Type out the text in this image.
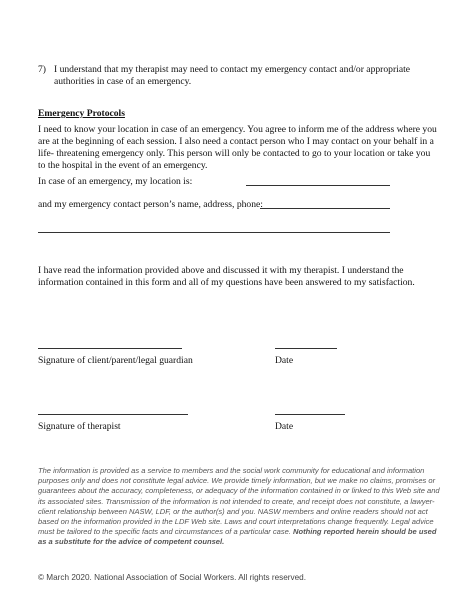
7) I understand that my therapist may need to contact my emergency contact and/or appropriate authorities in case of an emergency.
Emergency Protocols
I need to know your location in case of an emergency. You agree to inform me of the address where you are at the beginning of each session. I also need a contact person who I may contact on your behalf in a life- threatening emergency only. This person will only be contacted to go to your location or take you to the hospital in the event of an emergency.
In case of an emergency, my location is:
and my emergency contact person’s name, address, phone:
I have read the information provided above and discussed it with my therapist. I understand the information contained in this form and all of my questions have been answered to my satisfaction.
Signature of client/parent/legal guardian	Date
Signature of therapist	Date
The information is provided as a service to members and the social work community for educational and information purposes only and does not constitute legal advice. We provide timely information, but we make no claims, promises or guarantees about the accuracy, completeness, or adequacy of the information contained in or linked to this Web site and its associated sites. Transmission of the information is not intended to create, and receipt does not constitute, a lawyer-client relationship between NASW, LDF, or the author(s) and you. NASW members and online readers should not act based on the information provided in the LDF Web site. Laws and court interpretations change frequently. Legal advice must be tailored to the specific facts and circumstances of a particular case. Nothing reported herein should be used as a substitute for the advice of competent counsel.
© March 2020. National Association of Social Workers. All rights reserved.
